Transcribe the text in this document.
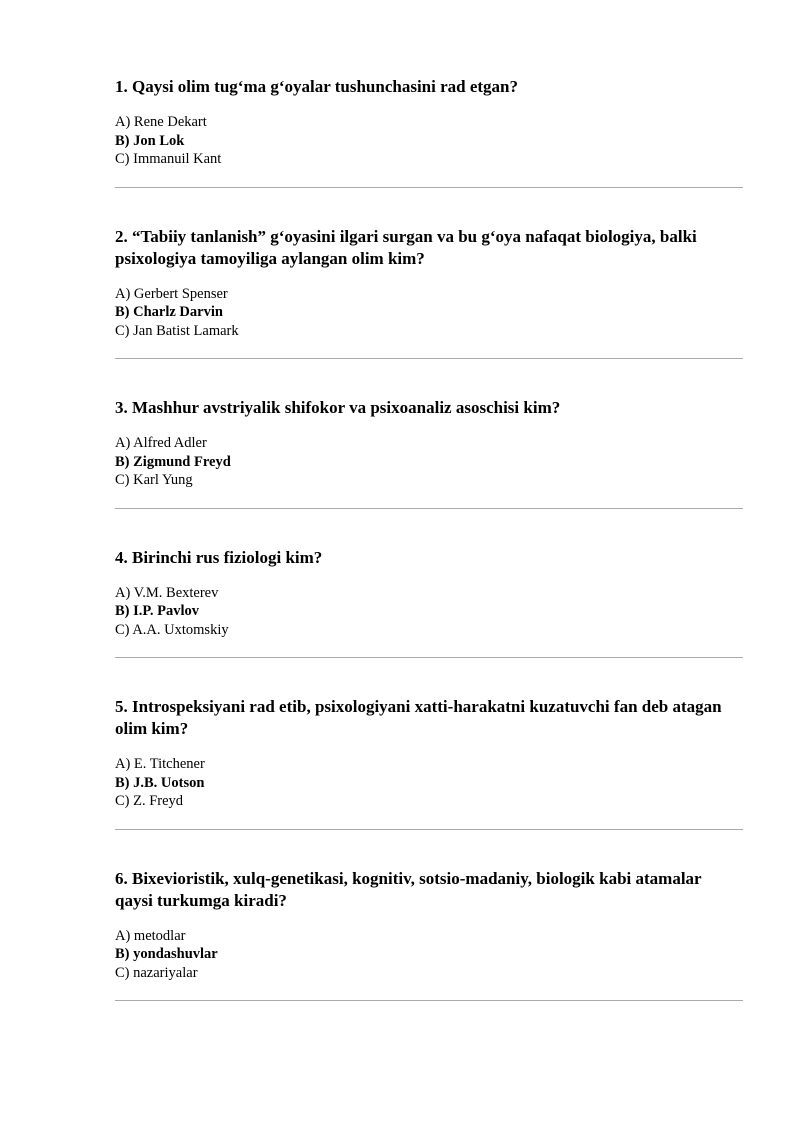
1. Qaysi olim tug‘ma g‘oyalar tushunchasini rad etgan?

A) Rene Dekart

B) Jon Lok

C) Immanuil Kant

2. “Tabiiy tanlanish” g‘oyasini ilgari surgan va bu g‘oya nafaqat biologiya, balki psixologiya tamoyiliga aylangan olim kim?

A) Gerbert Spenser

B) Charlz Darvin

C) Jan Batist Lamark

3. Mashhur avstriyalik shifokor va psixoanaliz asoschisi kim?

A) Alfred Adler

B) Zigmund Freyd

C) Karl Yung

4. Birinchi rus fiziologi kim?

A) V.M. Bexterev

B) I.P. Pavlov

C) A.A. Uxtomskiy

5. Introspeksiyani rad etib, psixologiyani xatti-harakatni kuzatuvchi fan deb atagan olim kim?

A) E. Titchener

B) J.B. Uotson

C) Z. Freyd

6. Bixevioristik, xulq-genetikasi, kognitiv, sotsio-madaniy, biologik kabi atamalar qaysi turkumga kiradi?

A) metodlar

B) yondashuvlar

C) nazariyalar
